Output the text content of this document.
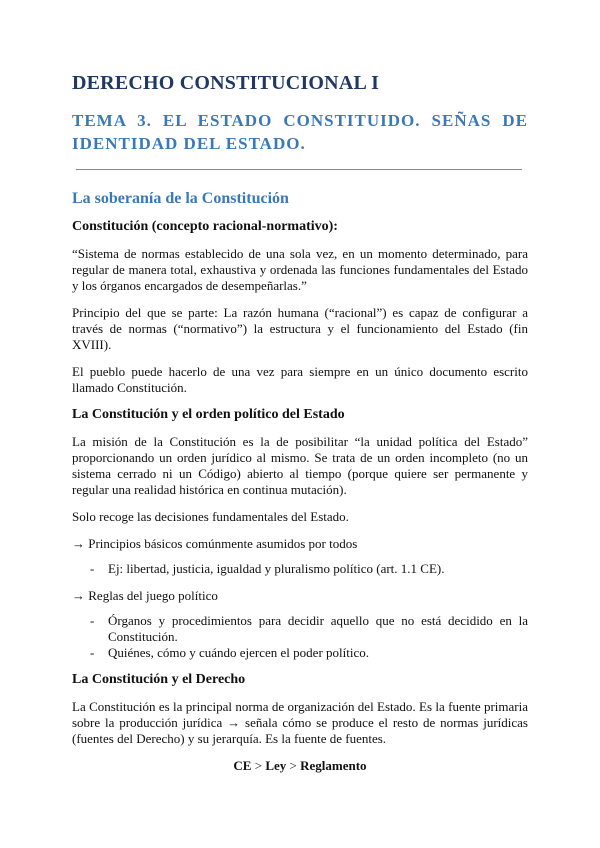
DERECHO CONSTITUCIONAL I
TEMA 3. EL ESTADO CONSTITUIDO. SEÑAS DE IDENTIDAD DEL ESTADO.
La soberanía de la Constitución
Constitución (concepto racional-normativo):

“Sistema de normas establecido de una sola vez, en un momento determinado, para regular de manera total, exhaustiva y ordenada las funciones fundamentales del Estado y los órganos encargados de desempeñarlas.”

Principio del que se parte: La razón humana (“racional”) es capaz de configurar a través de normas (“normativo”) la estructura y el funcionamiento del Estado (fin XVIII).

El pueblo puede hacerlo de una vez para siempre en un único documento escrito llamado Constitución.

La Constitución y el orden político del Estado

La misión de la Constitución es la de posibilitar “la unidad política del Estado” proporcionando un orden jurídico al mismo. Se trata de un orden incompleto (no un sistema cerrado ni un Código) abierto al tiempo (porque quiere ser permanente y regular una realidad histórica en continua mutación).

Solo recoge las decisiones fundamentales del Estado.

→ Principios básicos comúnmente asumidos por todos

- Ej: libertad, justicia, igualdad y pluralismo político (art. 1.1 CE).

→ Reglas del juego político

- Órganos y procedimientos para decidir aquello que no está decidido en la Constitución.
- Quiénes, cómo y cuándo ejercen el poder político.
La Constitución y el Derecho

La Constitución es la principal norma de organización del Estado. Es la fuente primaria sobre la producción jurídica → señala cómo se produce el resto de normas jurídicas (fuentes del Derecho) y su jerarquía. Es la fuente de fuentes.

CE > Ley > Reglamento
